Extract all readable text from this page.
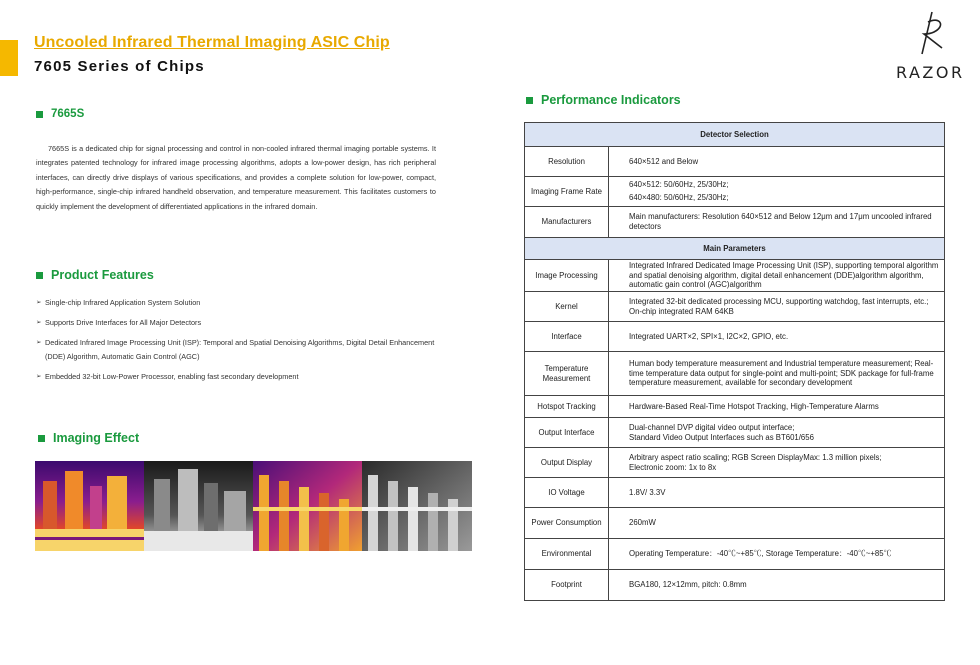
Uncooled Infrared Thermal Imaging ASIC Chip
7605 Series of Chips	RAZOR
7665S

7665S is a dedicated chip for signal processing and control in non-cooled infrared thermal imaging portable systems. It integrates patented technology for infrared image processing algorithms, adopts a low-power design, has rich peripheral interfaces, can directly drive displays of various specifications, and provides a complete solution for low-power, compact, high-performance, single-chip infrared handheld observation, and temperature measurement. This facilitates customers to quickly implement the development of differentiated applications in the infrared domain.

Product Features
➢ Single-chip Infrared Application System Solution
➢ Supports Drive Interfaces for All Major Detectors
➢ Dedicated Infrared Image Processing Unit (ISP): Temporal and Spatial Denoising Algorithms, Digital Detail Enhancement (DDE) Algorithm, Automatic Gain Control (AGC)
➢ Embedded 32-bit Low-Power Processor, enabling fast secondary development
Imaging Effect
Performance Indicators
Detector Selection	
Resolution	640×512 and Below

Imaging Frame Rate	640×512: 50/60Hz, 25/30Hz;
640×480: 50/60Hz, 25/30Hz;

Manufacturers	Main manufacturers: Resolution 640×512 and Below 12μm and 17μm uncooled infrared detectors

Main Parameters	
Image Processing	Integrated Infrared Dedicated Image Processing Unit (ISP), supporting temporal algorithm and spatial denoising algorithm, digital detail enhancement (DDE)algorithm algorithm, automatic gain control (AGC)algorithm

Kernel	Integrated 32-bit dedicated processing MCU, supporting watchdog, fast interrupts, etc.; On-chip integrated RAM 64KB

Interface	Integrated UART×2, SPI×1, I2C×2, GPIO, etc.

Temperature Measurement	Human body temperature measurement and Industrial temperature measurement; Real-time temperature data output for single-point and multi-point; SDK package for full-frame temperature measurement, available for secondary development

Hotspot Tracking	Hardware-Based Real-Time Hotspot Tracking, High-Temperature Alarms

Output Interface	Dual-channel DVP digital video output interface;
Standard Video Output Interfaces such as BT601/656

Output Display	Arbitrary aspect ratio scaling; RGB Screen DisplayMax: 1.3 million pixels;
Electronic zoom: 1x to 8x

IO Voltage	1.8V/ 3.3V

Power Consumption	260mW

Environmental	Operating Temperature：-40℃~+85℃, Storage Temperature：-40℃~+85℃

Footprint	BGA180, 12×12mm, pitch: 0.8mm
